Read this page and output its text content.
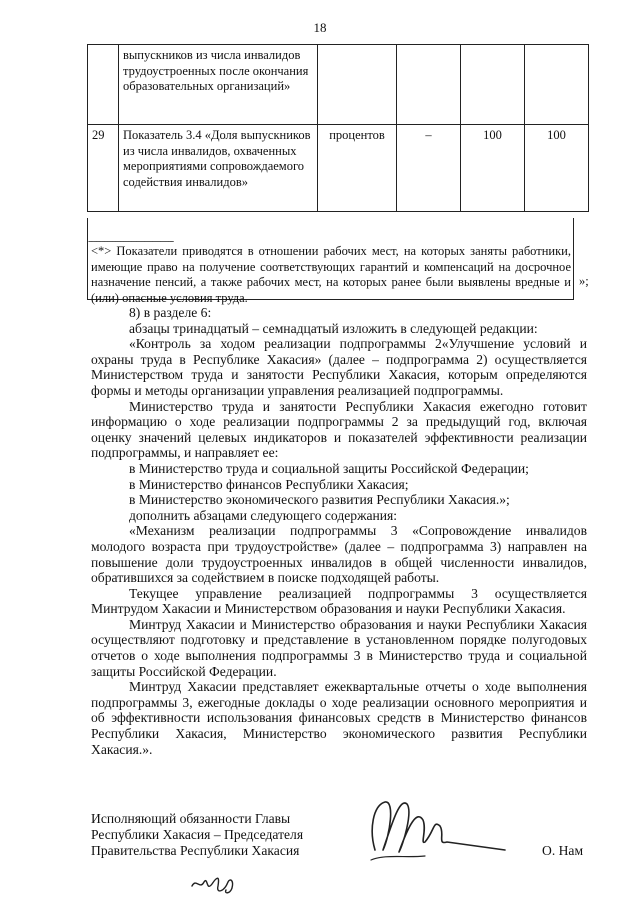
18
	выпускников из числа инвалидов трудоустроенных после окончания образовательных организаций»				
29	Показатель 3.4 «Доля выпускников из числа инвалидов, охваченных мероприятиями сопровождаемого содействия инвалидов»	процентов	–	100	100
--------------------------------
<*> Показатели приводятся в отношении рабочих мест, на которых заняты работники, имеющие право на получение соответствующих гарантий и компенсаций на досрочное назначение пенсий, а также рабочих мест, на которых ранее были выявлены вредные и (или) опасные условия труда.
»;

8) в разделе 6:

абзацы тринадцатый – семнадцатый изложить в следующей редакции:

«Контроль за ходом реализации подпрограммы 2«Улучшение условий и охраны труда в Республике Хакасия» (далее – подпрограмма 2) осуществляется Министерством труда и занятости Республики Хакасия, которым определяются формы и методы организации управления реализацией подпрограммы.

Министерство труда и занятости Республики Хакасия ежегодно готовит информацию о ходе реализации подпрограммы 2 за предыдущий год, включая оценку значений целевых индикаторов и показателей эффективности реализации подпрограммы, и направляет ее:

в Министерство труда и социальной защиты Российской Федерации;

в Министерство финансов Республики Хакасия;

в Министерство экономического развития Республики Хакасия.»;

дополнить абзацами следующего содержания:

«Механизм реализации подпрограммы 3 «Сопровождение инвалидов молодого возраста при трудоустройстве» (далее – подпрограмма 3) направлен на повышение доли трудоустроенных инвалидов в общей численности инвалидов, обратившихся за содействием в поиске подходящей работы.

Текущее управление реализацией подпрограммы 3 осуществляется Минтрудом Хакасии и Министерством образования и науки Республики Хакасия.

Минтруд Хакасии и Министерство образования и науки Республики Хакасия осуществляют подготовку и представление в установленном порядке полугодовых отчетов о ходе выполнения подпрограммы 3 в Министерство труда и социальной защиты Российской Федерации.

Минтруд Хакасии представляет ежеквартальные отчеты о ходе выполнения подпрограммы 3, ежегодные доклады о ходе реализации основного мероприятия и об эффективности использования финансовых средств в Министерство финансов Республики Хакасия, Министерство экономического развития Республики Хакасия.».

Исполняющий обязанности Главы
Республики Хакасия – Председателя
Правительства Республики Хакасия	О. Нам
